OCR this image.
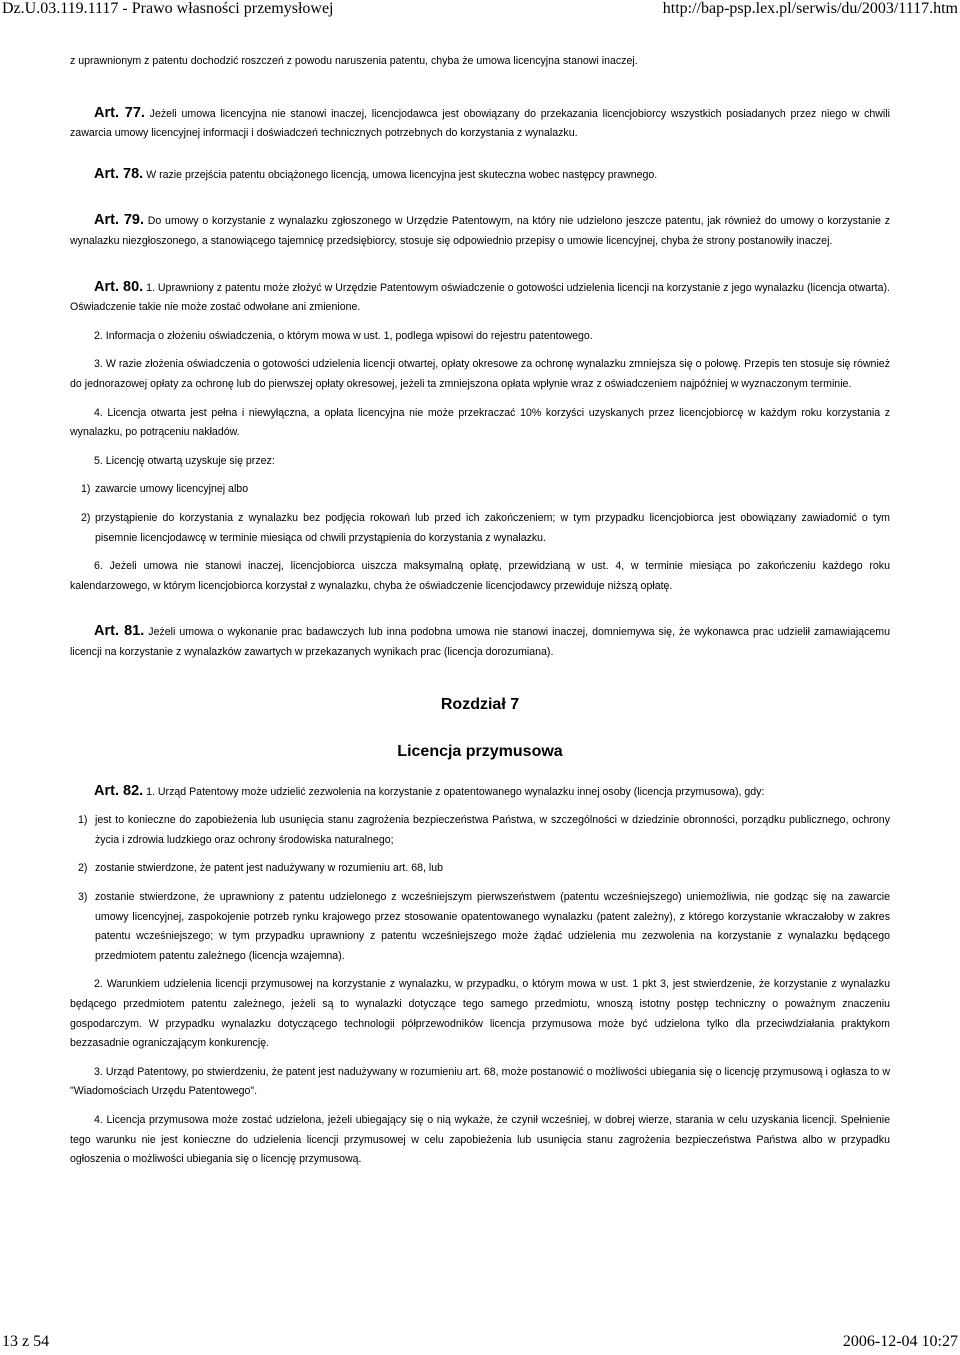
Dz.U.03.119.1117 - Prawo własności przemysłowej	http://bap-psp.lex.pl/serwis/du/2003/1117.htm

z uprawnionym z patentu dochodzić roszczeń z powodu naruszenia patentu, chyba że umowa licencyjna stanowi inaczej.

Art. 77. Jeżeli umowa licencyjna nie stanowi inaczej, licencjodawca jest obowiązany do przekazania licencjobiorcy wszystkich posiadanych przez niego w chwili zawarcia umowy licencyjnej informacji i doświadczeń technicznych potrzebnych do korzystania z wynalazku.

Art. 78. W razie przejścia patentu obciążonego licencją, umowa licencyjna jest skuteczna wobec następcy prawnego.

Art. 79. Do umowy o korzystanie z wynalazku zgłoszonego w Urzędzie Patentowym, na który nie udzielono jeszcze patentu, jak również do umowy o korzystanie z wynalazku niezgłoszonego, a stanowiącego tajemnicę przedsiębiorcy, stosuje się odpowiednio przepisy o umowie licencyjnej, chyba że strony postanowiły inaczej.

Art. 80. 1. Uprawniony z patentu może złożyć w Urzędzie Patentowym oświadczenie o gotowości udzielenia licencji na korzystanie z jego wynalazku (licencja otwarta). Oświadczenie takie nie może zostać odwołane ani zmienione.

2. Informacja o złożeniu oświadczenia, o którym mowa w ust. 1, podlega wpisowi do rejestru patentowego.

3. W razie złożenia oświadczenia o gotowości udzielenia licencji otwartej, opłaty okresowe za ochronę wynalazku zmniejsza się o połowę. Przepis ten stosuje się również do jednorazowej opłaty za ochronę lub do pierwszej opłaty okresowej, jeżeli ta zmniejszona opłata wpłynie wraz z oświadczeniem najpóźniej w wyznaczonym terminie.

4. Licencja otwarta jest pełna i niewyłączna, a opłata licencyjna nie może przekraczać 10% korzyści uzyskanych przez licencjobiorcę w każdym roku korzystania z wynalazku, po potrąceniu nakładów.

5. Licencję otwartą uzyskuje się przez:

1) zawarcie umowy licencyjnej albo

2) przystąpienie do korzystania z wynalazku bez podjęcia rokowań lub przed ich zakończeniem; w tym przypadku licencjobiorca jest obowiązany zawiadomić o tym pisemnie licencjodawcę w terminie miesiąca od chwili przystąpienia do korzystania z wynalazku.

6. Jeżeli umowa nie stanowi inaczej, licencjobiorca uiszcza maksymalną opłatę, przewidzianą w ust. 4, w terminie miesiąca po zakończeniu każdego roku kalendarzowego, w którym licencjobiorca korzystał z wynalazku, chyba że oświadczenie licencjodawcy przewiduje niższą opłatę.

Art. 81. Jeżeli umowa o wykonanie prac badawczych lub inna podobna umowa nie stanowi inaczej, domniemywa się, że wykonawca prac udzielił zamawiającemu licencji na korzystanie z wynalazków zawartych w przekazanych wynikach prac (licencja dorozumiana).

Rozdział 7

Licencja przymusowa

Art. 82. 1. Urząd Patentowy może udzielić zezwolenia na korzystanie z opatentowanego wynalazku innej osoby (licencja przymusowa), gdy:

1) jest to konieczne do zapobieżenia lub usunięcia stanu zagrożenia bezpieczeństwa Państwa, w szczególności w dziedzinie obronności, porządku publicznego, ochrony życia i zdrowia ludzkiego oraz ochrony środowiska naturalnego;

2) zostanie stwierdzone, że patent jest nadużywany w rozumieniu art. 68, lub

3) zostanie stwierdzone, że uprawniony z patentu udzielonego z wcześniejszym pierwszeństwem (patentu wcześniejszego) uniemożliwia, nie godząc się na zawarcie umowy licencyjnej, zaspokojenie potrzeb rynku krajowego przez stosowanie opatentowanego wynalazku (patent zależny), z którego korzystanie wkraczałoby w zakres patentu wcześniejszego; w tym przypadku uprawniony z patentu wcześniejszego może żądać udzielenia mu zezwolenia na korzystanie z wynalazku będącego przedmiotem patentu zależnego (licencja wzajemna).

2. Warunkiem udzielenia licencji przymusowej na korzystanie z wynalazku, w przypadku, o którym mowa w ust. 1 pkt 3, jest stwierdzenie, że korzystanie z wynalazku będącego przedmiotem patentu zależnego, jeżeli są to wynalazki dotyczące tego samego przedmiotu, wnoszą istotny postęp techniczny o poważnym znaczeniu gospodarczym. W przypadku wynalazku dotyczącego technologii półprzewodników licencja przymusowa może być udzielona tylko dla przeciwdziałania praktykom bezzasadnie ograniczającym konkurencję.

3. Urząd Patentowy, po stwierdzeniu, że patent jest nadużywany w rozumieniu art. 68, może postanowić o możliwości ubiegania się o licencję przymusową i ogłasza to w "Wiadomościach Urzędu Patentowego".

4. Licencja przymusowa może zostać udzielona, jeżeli ubiegający się o nią wykaże, że czynił wcześniej, w dobrej wierze, starania w celu uzyskania licencji. Spełnienie tego warunku nie jest konieczne do udzielenia licencji przymusowej w celu zapobieżenia lub usunięcia stanu zagrożenia bezpieczeństwa Państwa albo w przypadku ogłoszenia o możliwości ubiegania się o licencję przymusową.

13 z 54	2006-12-04 10:27
